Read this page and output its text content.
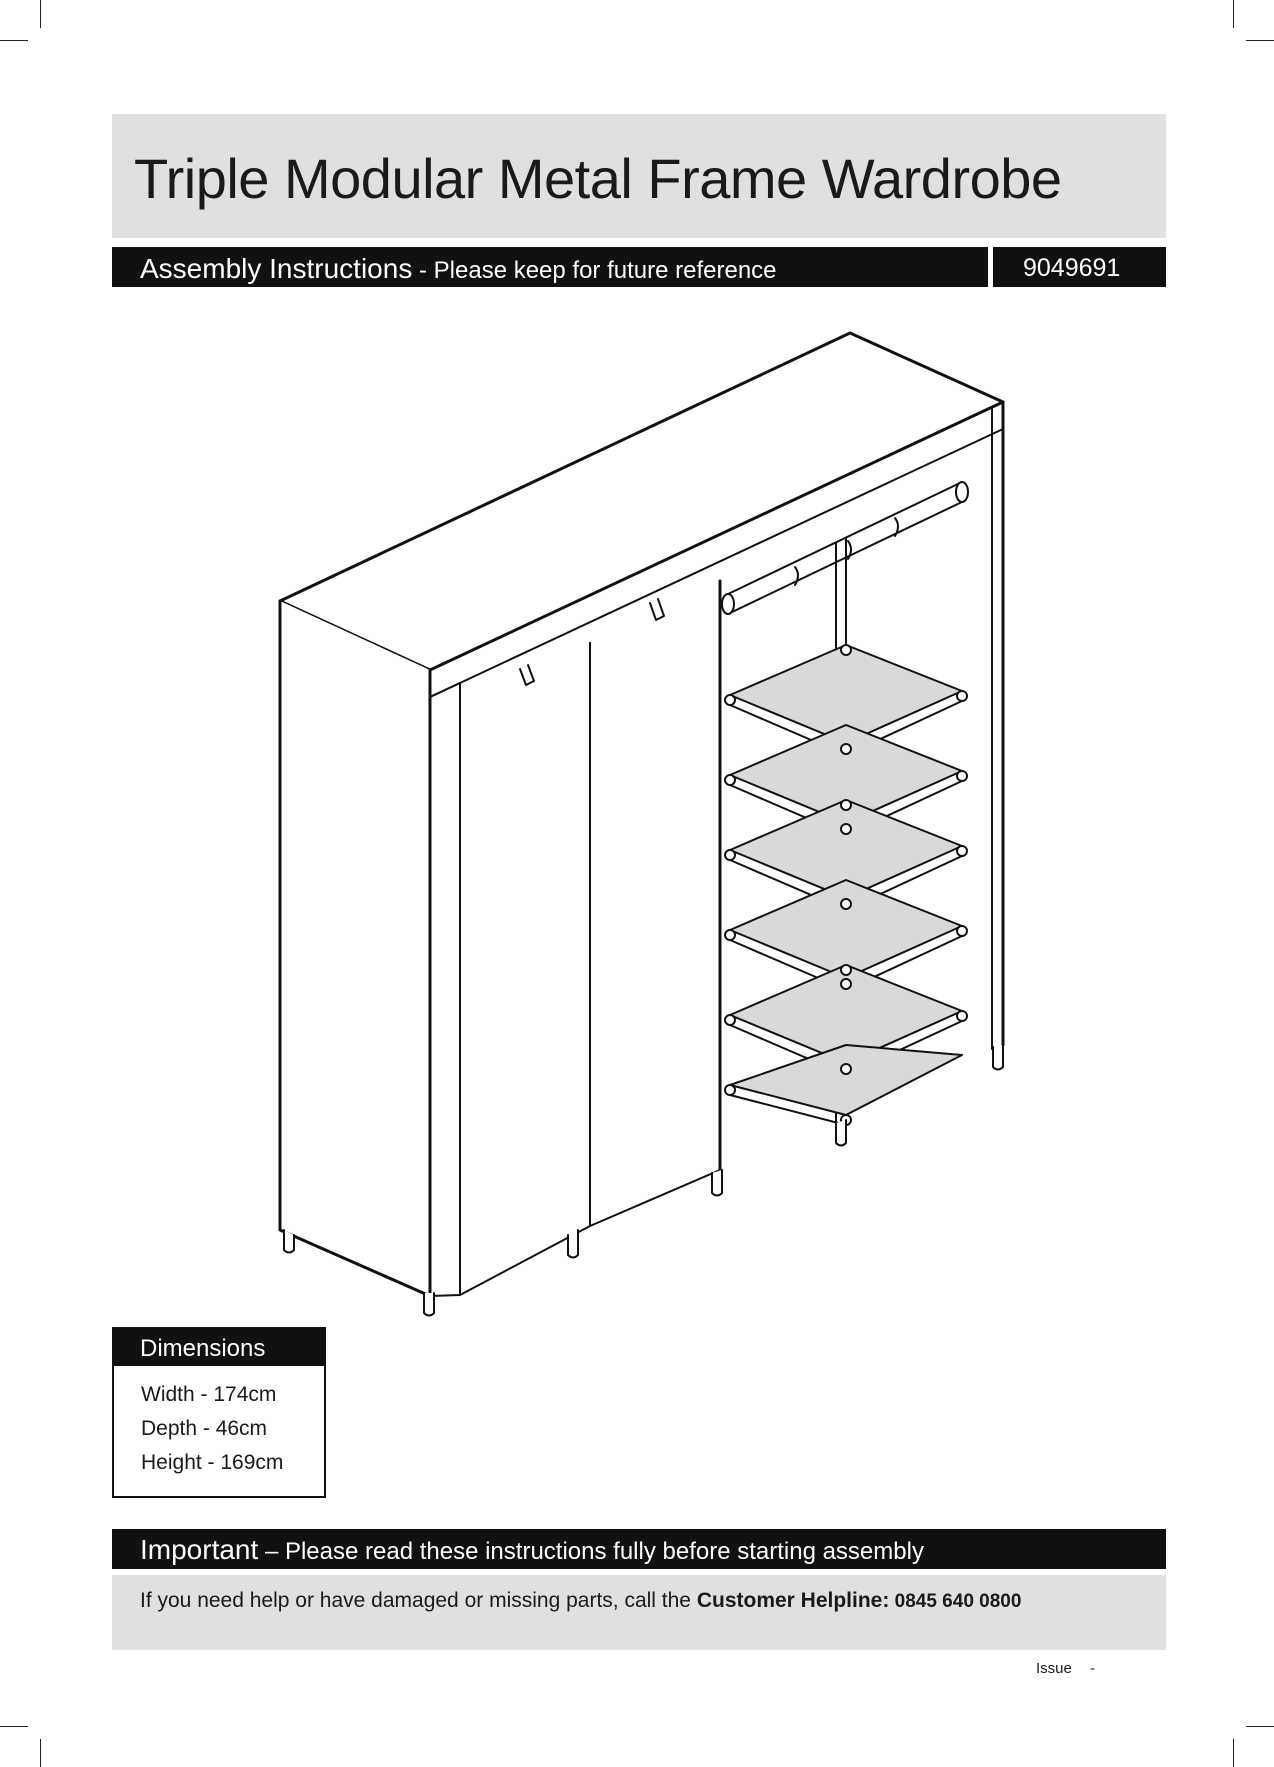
Triple Modular Metal Frame Wardrobe
Assembly Instructions - Please keep for future reference	9049691
Dimensions
Width - 174cm
Depth - 46cm
Height - 169cm
Important – Please read these instructions fully before starting assembly
If you need help or have damaged or missing parts, call the Customer Helpline: 0845 640 0800
Issue -
